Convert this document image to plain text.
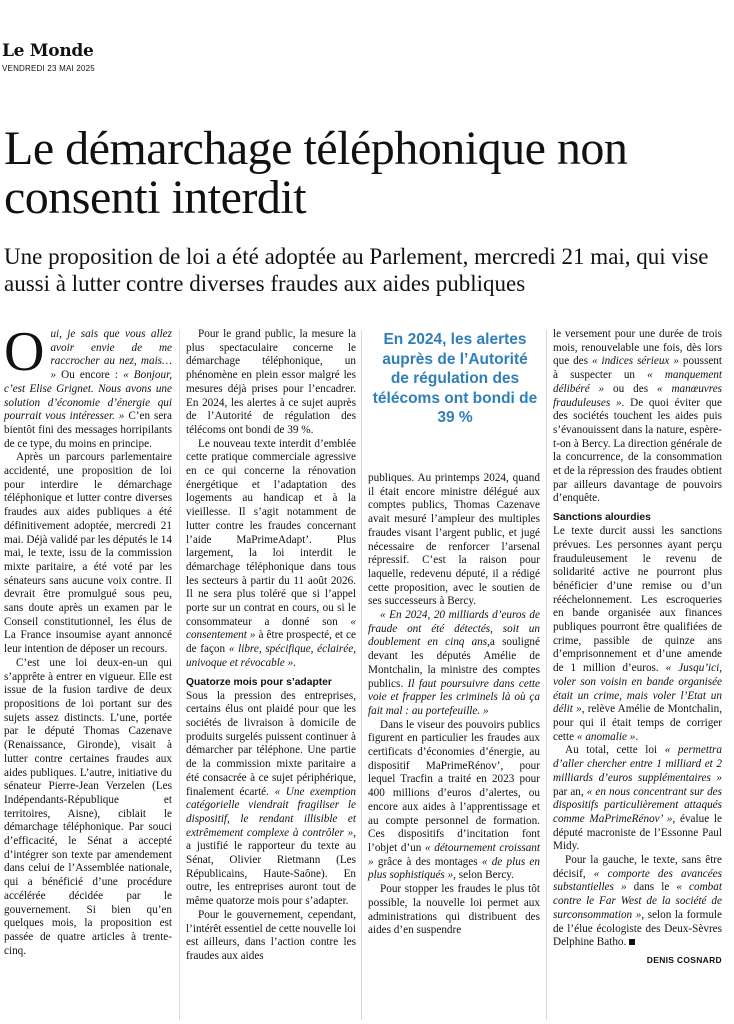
Le Monde
VENDREDI 23 MAI 2025
Le démarchage téléphonique non consenti interdit

Une proposition de loi a été adoptée au Parlement, mercredi 21 mai, qui vise aussi à lutter contre diverses fraudes aux aides publiques

Oui, je sais que vous allez avoir envie de me raccrocher au nez, mais… » Ou encore : « Bonjour, c’est Elise Grignet. Nous avons une solution d’économie d’énergie qui pourrait vous intéresser. » C’en sera bientôt fini des messages horripilants de ce type, du moins en principe.

Après un parcours parlementaire accidenté, une proposition de loi pour interdire le démarchage téléphonique et lutter contre diverses fraudes aux aides publiques a été définitivement adoptée, mercredi 21 mai. Déjà validé par les députés le 14 mai, le texte, issu de la commission mixte paritaire, a été voté par les sénateurs sans aucune voix contre. Il devrait être promulgué sous peu, sans doute après un examen par le Conseil constitutionnel, les élus de La France insoumise ayant annoncé leur intention de déposer un recours.

C’est une loi deux-en-un qui s’apprête à entrer en vigueur. Elle est issue de la fusion tardive de deux propositions de loi portant sur des sujets assez distincts. L’une, portée par le député Thomas Cazenave (Renaissance, Gironde), visait à lutter contre certaines fraudes aux aides publiques. L’autre, initiative du sénateur Pierre-Jean Verzelen (Les Indépendants-République et territoires, Aisne), ciblait le démarchage téléphonique. Par souci d’efficacité, le Sénat a accepté d’intégrer son texte par amendement dans celui de l’Assemblée nationale, qui a bénéficié d’une procédure accélérée décidée par le gouvernement. Si bien qu’en quelques mois, la proposition est passée de quatre articles à trente-cinq.

Pour le grand public, la mesure la plus spectaculaire concerne le démarchage téléphonique, un phénomène en plein essor malgré les mesures déjà prises pour l’encadrer. En 2024, les alertes à ce sujet auprès de l’Autorité de régulation des télécoms ont bondi de 39 %.

Le nouveau texte interdit d’emblée cette pratique commerciale agressive en ce qui concerne la rénovation énergétique et l’adaptation des logements au handicap et à la vieillesse. Il s’agit notamment de lutter contre les fraudes concernant l’aide MaPrimeAdapt’. Plus largement, la loi interdit le démarchage téléphonique dans tous les secteurs à partir du 11 août 2026. Il ne sera plus toléré que si l’appel porte sur un contrat en cours, ou si le consommateur a donné son « consentement » à être prospecté, et ce de façon « libre, spécifique, éclairée, univoque et révocable ».

Quatorze mois pour s’adapter

Sous la pression des entreprises, certains élus ont plaidé pour que les sociétés de livraison à domicile de produits surgelés puissent continuer à démarcher par téléphone. Une partie de la commission mixte paritaire a été consacrée à ce sujet périphérique, finalement écarté. « Une exemption catégorielle viendrait fragiliser le dispositif, le rendant illisible et extrêmement complexe à contrôler », a justifié le rapporteur du texte au Sénat, Olivier Rietmann (Les Républicains, Haute-Saône). En outre, les entreprises auront tout de même quatorze mois pour s’adapter.

Pour le gouvernement, cependant, l’intérêt essentiel de cette nouvelle loi est ailleurs, dans l’action contre les fraudes aux aides

En 2024, les alertes auprès de l’Autorité de régulation des télécoms ont bondi de 39 %

publiques. Au printemps 2024, quand il était encore ministre délégué aux comptes publics, Thomas Cazenave avait mesuré l’ampleur des multiples fraudes visant l’argent public, et jugé nécessaire de renforcer l’arsenal répressif. C’est la raison pour laquelle, redevenu député, il a rédigé cette proposition, avec le soutien de ses successeurs à Bercy.

« En 2024, 20 milliards d’euros de fraude ont été détectés, soit un doublement en cinq ans,a souligné devant les députés Amélie de Montchalin, la ministre des comptes publics. Il faut poursuivre dans cette voie et frapper les criminels là où ça fait mal : au portefeuille. »

Dans le viseur des pouvoirs publics figurent en particulier les fraudes aux certificats d’économies d’énergie, au dispositif MaPrimeRénov’, pour lequel Tracfin a traité en 2023 pour 400 millions d’euros d’alertes, ou encore aux aides à l’apprentissage et au compte personnel de formation. Ces dispositifs d’incitation font l’objet d’un « détournement croissant » grâce à des montages « de plus en plus sophistiqués », selon Bercy.

Pour stopper les fraudes le plus tôt possible, la nouvelle loi permet aux administrations qui distribuent des aides d’en suspendre

le versement pour une durée de trois mois, renouvelable une fois, dès lors que des « indices sérieux » poussent à suspecter un « manquement délibéré » ou des « manœuvres frauduleuses ». De quoi éviter que des sociétés touchent les aides puis s’évanouissent dans la nature, espère-t-on à Bercy. La direction générale de la concurrence, de la consommation et de la répression des fraudes obtient par ailleurs davantage de pouvoirs d’enquête.

Sanctions alourdies

Le texte durcit aussi les sanctions prévues. Les personnes ayant perçu frauduleusement le revenu de solidarité active ne pourront plus bénéficier d’une remise ou d’un rééchelonnement. Les escroqueries en bande organisée aux finances publiques pourront être qualifiées de crime, passible de quinze ans d’emprisonnement et d’une amende de 1 million d’euros. « Jusqu’ici, voler son voisin en bande organisée était un crime, mais voler l’Etat un délit », relève Amélie de Montchalin, pour qui il était temps de corriger cette « anomalie ».

Au total, cette loi « permettra d’aller chercher entre 1 milliard et 2 milliards d’euros supplémentaires » par an, « en nous concentrant sur des dispositifs particulièrement attaqués comme MaPrimeRénov’ », évalue le député macroniste de l’Essonne Paul Midy.

Pour la gauche, le texte, sans être décisif, « comporte des avancées substantielles » dans le « combat contre le Far West de la société de surconsommation », selon la formule de l’élue écologiste des Deux-Sèvres Delphine Batho.

DENIS COSNARD
